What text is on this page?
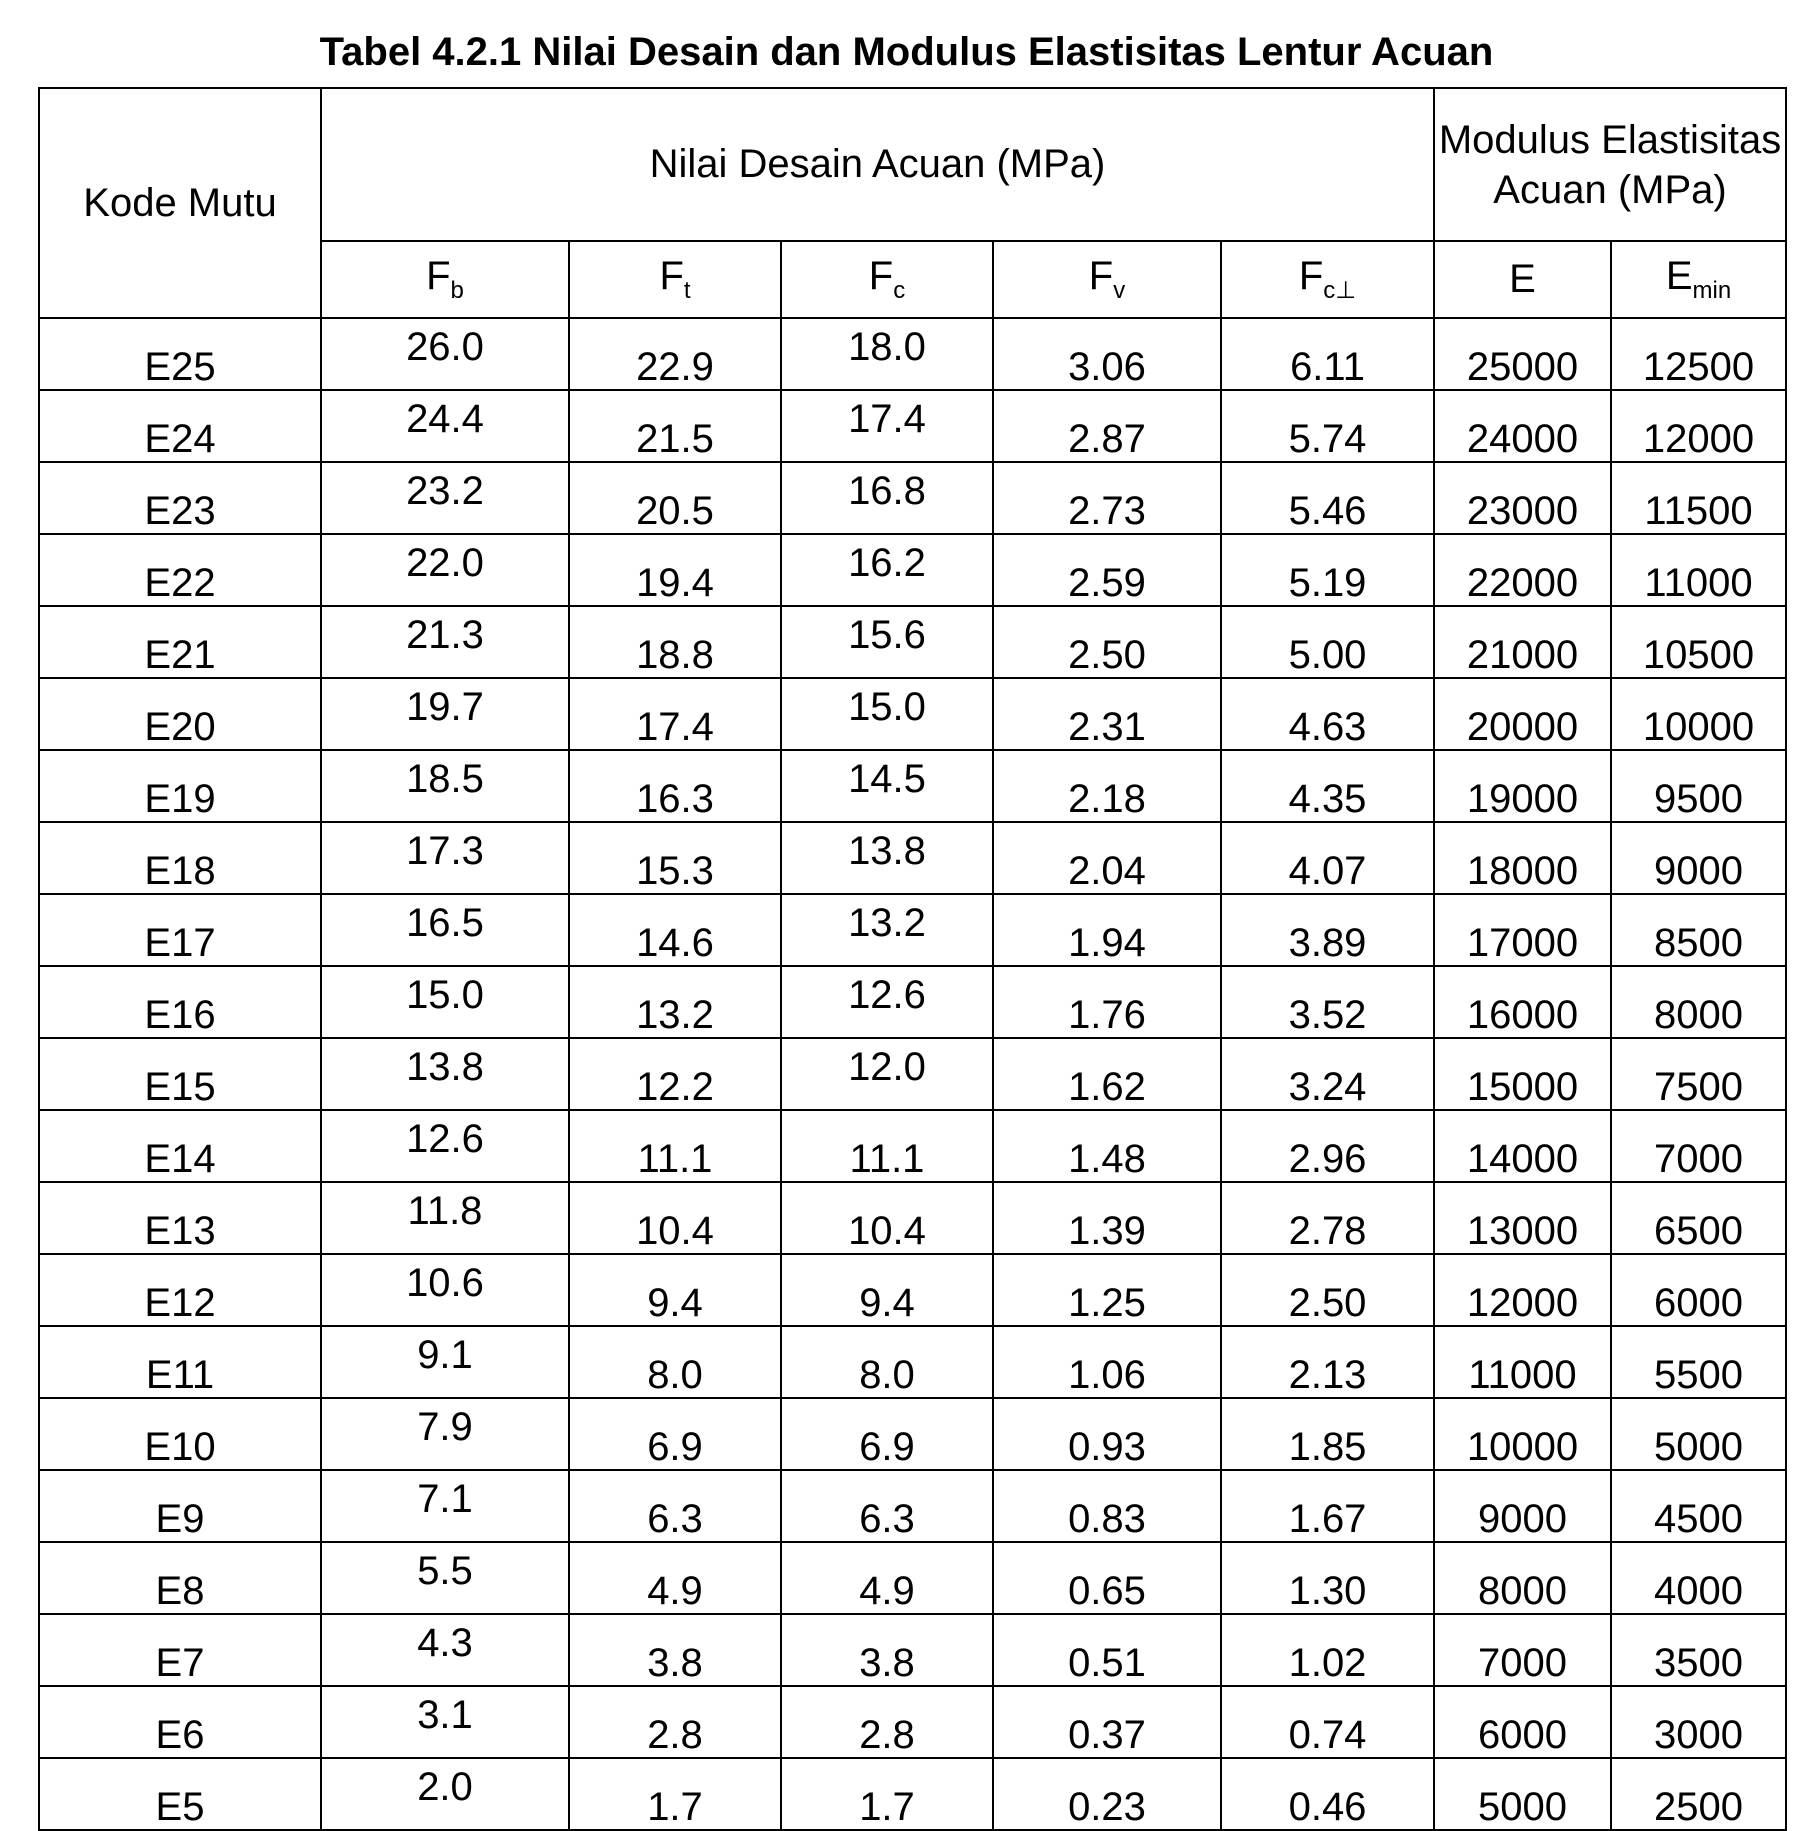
Tabel 4.2.1 Nilai Desain dan Modulus Elastisitas Lentur Acuan
Kode Mutu	Nilai Desain Acuan (MPa)					Modulus Elastisitas Acuan (MPa)	
	$F_b$	$F_t$	$F_c$	$F_v$	$F_{c\perp}$	E	$E_{min}$
E25	26.0	22.9	18.0	3.06	6.11	25000	12500
E24	24.4	21.5	17.4	2.87	5.74	24000	12000
E23	23.2	20.5	16.8	2.73	5.46	23000	11500
E22	22.0	19.4	16.2	2.59	5.19	22000	11000
E21	21.3	18.8	15.6	2.50	5.00	21000	10500
E20	19.7	17.4	15.0	2.31	4.63	20000	10000
E19	18.5	16.3	14.5	2.18	4.35	19000	9500
E18	17.3	15.3	13.8	2.04	4.07	18000	9000
E17	16.5	14.6	13.2	1.94	3.89	17000	8500
E16	15.0	13.2	12.6	1.76	3.52	16000	8000
E15	13.8	12.2	12.0	1.62	3.24	15000	7500
E14	12.6	11.1	11.1	1.48	2.96	14000	7000
E13	11.8	10.4	10.4	1.39	2.78	13000	6500
E12	10.6	9.4	9.4	1.25	2.50	12000	6000
E11	9.1	8.0	8.0	1.06	2.13	11000	5500
E10	7.9	6.9	6.9	0.93	1.85	10000	5000
E9	7.1	6.3	6.3	0.83	1.67	9000	4500
E8	5.5	4.9	4.9	0.65	1.30	8000	4000
E7	4.3	3.8	3.8	0.51	1.02	7000	3500
E6	3.1	2.8	2.8	0.37	0.74	6000	3000
E5	2.0	1.7	1.7	0.23	0.46	5000	2500
